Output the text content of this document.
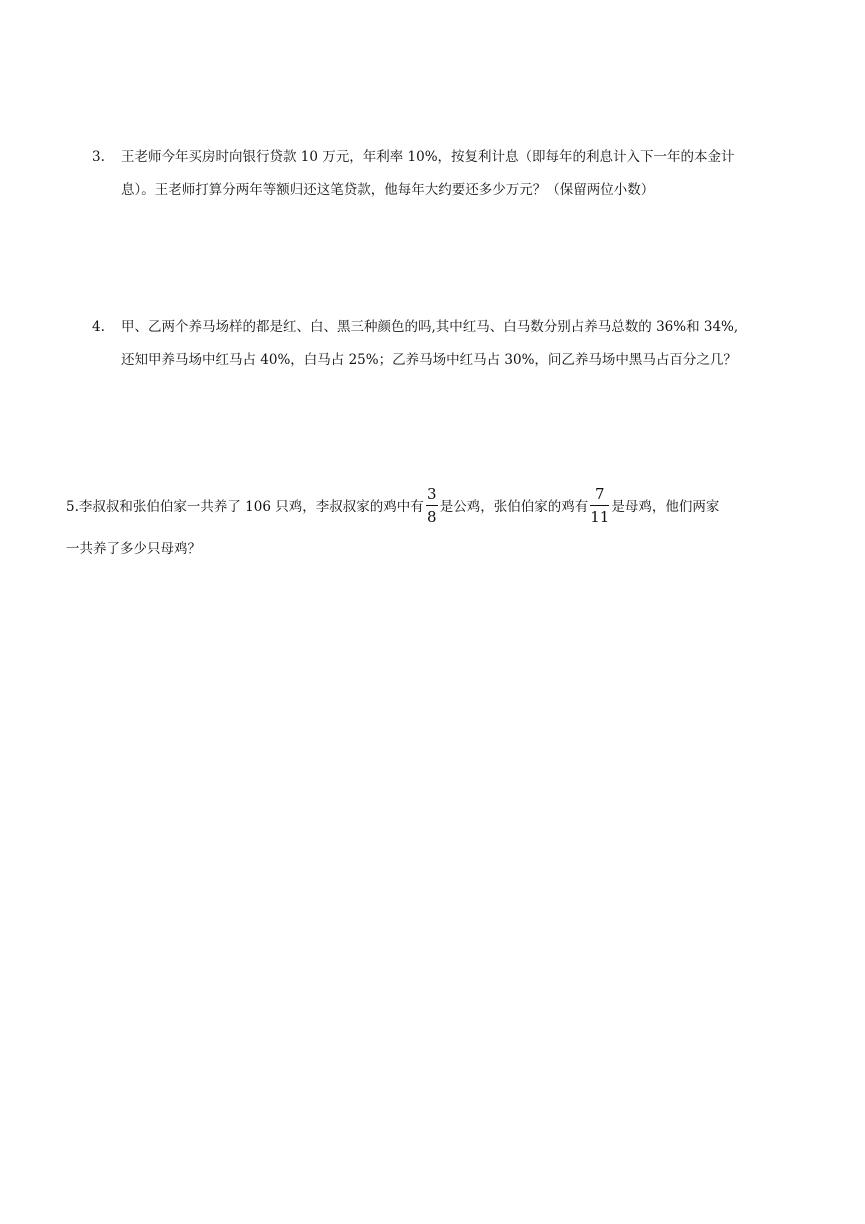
3. 王老师今年买房时向银行贷款 10 万元，年利率 10%，按复利计息（即每年的利息计入下一年的本金计
息）。王老师打算分两年等额归还这笔贷款，他每年大约要还多少万元？（保留两位小数）
4. 甲、乙两个养马场样的都是红、白、黑三种颜色的吗,其中红马、白马数分别占养马总数的 36%和 34%,
还知甲养马场中红马占 40%，白马占 25%；乙养马场中红马占 30%，问乙养马场中黑马占百分之几？
5.李叔叔和张伯伯家一共养了 106 只鸡，李叔叔家的鸡中有 $\frac{3}{8}$ 是公鸡，张伯伯家的鸡有 $\frac{7}{11}$ 是母鸡，他们两家
一共养了多少只母鸡？
